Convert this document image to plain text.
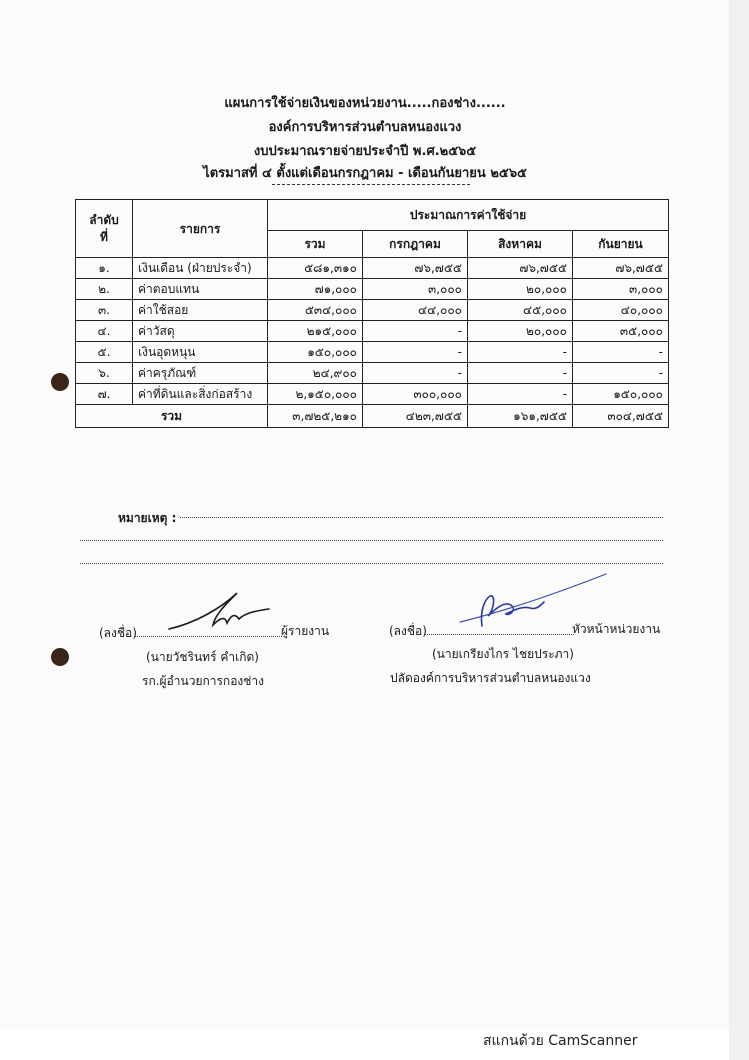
แผนการใช้จ่ายเงินของหน่วยงาน.....กองช่าง......
องค์การบริหารส่วนตำบลหนองแวง
งบประมาณรายจ่ายประจำปี พ.ศ.๒๕๖๕
ไตรมาสที่ ๔ ตั้งแต่เดือนกรกฎาคม - เดือนกันยายน ๒๕๖๕
ลำดับ
ที่	รายการ	ประมาณการค่าใช้จ่าย			
		รวม	กรกฎาคม	สิงหาคม	กันยายน
๑.	เงินเดือน (ฝ่ายประจำ)	๕๘๑,๓๑๐	๗๖,๗๕๕	๗๖,๗๕๕	๗๖,๗๕๕
๒.	ค่าตอบแทน	๗๑,๐๐๐	๓,๐๐๐	๒๐,๐๐๐	๓,๐๐๐
๓.	ค่าใช้สอย	๕๓๔,๐๐๐	๔๔,๐๐๐	๔๕,๐๐๐	๔๐,๐๐๐
๔.	ค่าวัสดุ	๒๑๕,๐๐๐	-	๒๐,๐๐๐	๓๕,๐๐๐
๕.	เงินอุดหนุน	๑๕๐,๐๐๐	-	-	-
๖.	ค่าครุภัณฑ์	๒๔,๙๐๐	-	-	-
๗.	ค่าที่ดินและสิ่งก่อสร้าง	๒,๑๕๐,๐๐๐	๓๐๐,๐๐๐	-	๑๕๐,๐๐๐
รวม		๓,๗๒๕,๒๑๐	๔๒๓,๗๕๕	๑๖๑,๗๕๕	๓๐๔,๗๕๕
หมายเหตุ :
(ลงชื่อ)	ผู้รายงาน
(นายวัชรินทร์ คำเกิด)
รก.ผู้อำนวยการกองช่าง
(ลงชื่อ)	หัวหน้าหน่วยงาน
(นายเกรียงไกร ไชยประภา)
ปลัดองค์การบริหารส่วนตำบลหนองแวง
สแกนด้วย CamScanner
